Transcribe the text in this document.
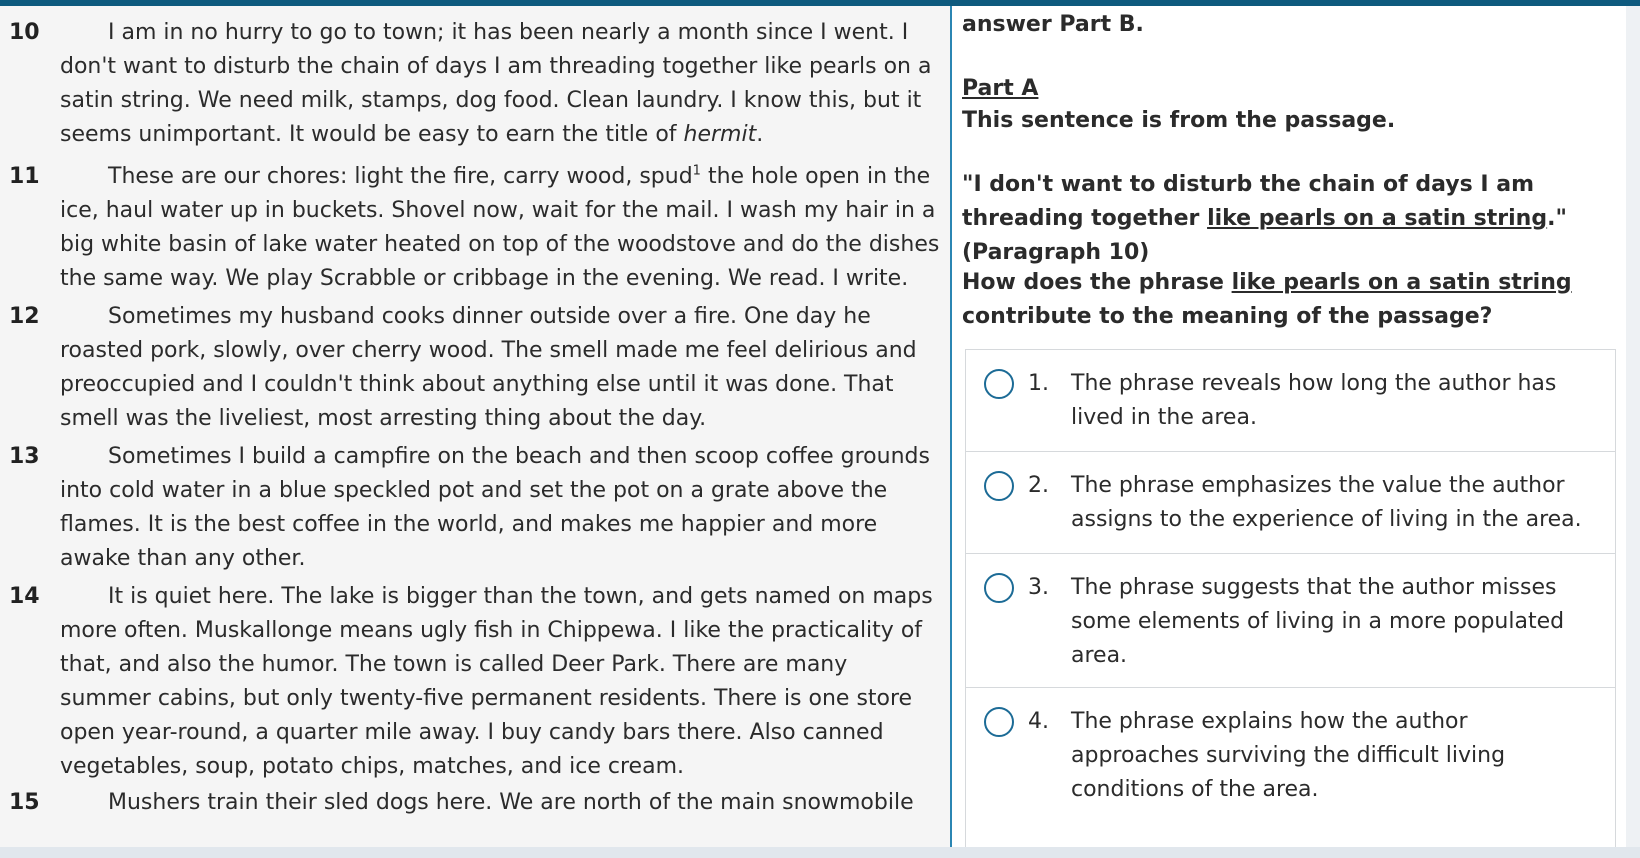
10	I am in no hurry to go to town; it has been nearly a month since I went. I don't want to disturb the chain of days I am threading together like pearls on a satin string. We need milk, stamps, dog food. Clean laundry. I know this, but it seems unimportant. It would be easy to earn the title of hermit.

11	These are our chores: light the fire, carry wood, spud$^1$ the hole open in the ice, haul water up in buckets. Shovel now, wait for the mail. I wash my hair in a big white basin of lake water heated on top of the woodstove and do the dishes the same way. We play Scrabble or cribbage in the evening. We read. I write.

12	Sometimes my husband cooks dinner outside over a fire. One day he roasted pork, slowly, over cherry wood. The smell made me feel delirious and preoccupied and I couldn't think about anything else until it was done. That smell was the liveliest, most arresting thing about the day.

13	Sometimes I build a campfire on the beach and then scoop coffee grounds into cold water in a blue speckled pot and set the pot on a grate above the flames. It is the best coffee in the world, and makes me happier and more awake than any other.

14	It is quiet here. The lake is bigger than the town, and gets named on maps more often. Muskallonge means ugly fish in Chippewa. I like the practicality of that, and also the humor. The town is called Deer Park. There are many summer cabins, but only twenty-five permanent residents. There is one store open year-round, a quarter mile away. I buy candy bars there. Also canned vegetables, soup, potato chips, matches, and ice cream.

15	Mushers train their sled dogs here. We are north of the main snowmobile

answer Part B.

Part A

This sentence is from the passage.

"I don't want to disturb the chain of days I am threading together like pearls on a satin string." (Paragraph 10)

How does the phrase like pearls on a satin string contribute to the meaning of the passage?

1. The phrase reveals how long the author has lived in the area.
2. The phrase emphasizes the value the author assigns to the experience of living in the area.
3. The phrase suggests that the author misses some elements of living in a more populated area.
4. The phrase explains how the author approaches surviving the difficult living conditions of the area.
